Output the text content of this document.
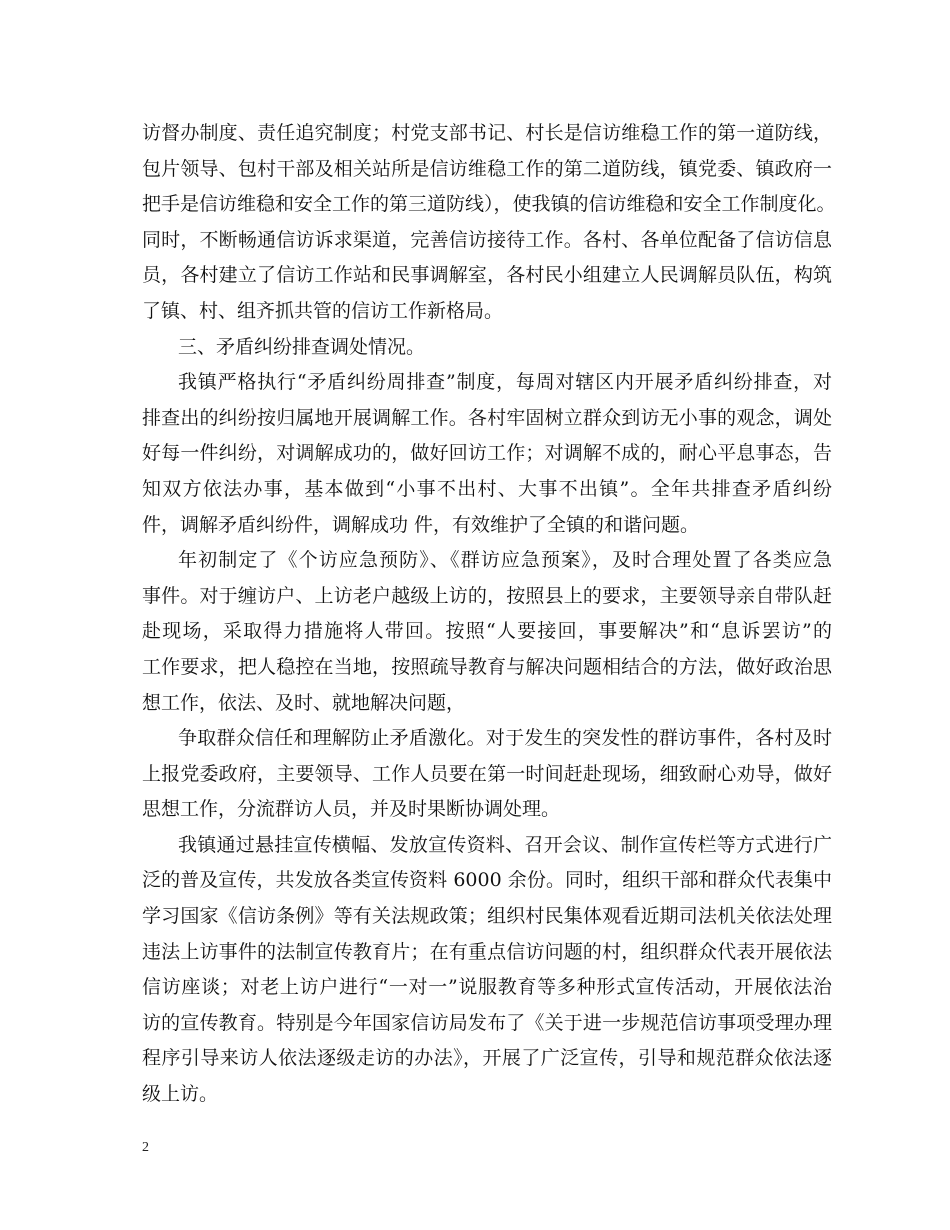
访督办制度、责任追究制度；村党支部书记、村长是信访维稳工作的第一道防线，
包片领导、包村干部及相关站所是信访维稳工作的第二道防线，镇党委、镇政府一
把手是信访维稳和安全工作的第三道防线），使我镇的信访维稳和安全工作制度化。
同时，不断畅通信访诉求渠道，完善信访接待工作。各村、各单位配备了信访信息
员，各村建立了信访工作站和民事调解室，各村民小组建立人民调解员队伍，构筑
了镇、村、组齐抓共管的信访工作新格局。
三、矛盾纠纷排查调处情况。
我镇严格执行“矛盾纠纷周排查”制度，每周对辖区内开展矛盾纠纷排查，对
排查出的纠纷按归属地开展调解工作。各村牢固树立群众到访无小事的观念，调处
好每一件纠纷，对调解成功的，做好回访工作；对调解不成的，耐心平息事态，告
知双方依法办事，基本做到“小事不出村、大事不出镇”。全年共排查矛盾纠纷
件，调解矛盾纠纷件，调解成功 件，有效维护了全镇的和谐问题。
年初制定了《个访应急预防》、《群访应急预案》，及时合理处置了各类应急
事件。对于缠访户、上访老户越级上访的，按照县上的要求，主要领导亲自带队赶
赴现场，采取得力措施将人带回。按照“人要接回，事要解决”和“息诉罢访”的
工作要求，把人稳控在当地，按照疏导教育与解决问题相结合的方法，做好政治思
想工作，依法、及时、就地解决问题，
争取群众信任和理解防止矛盾激化。对于发生的突发性的群访事件，各村及时
上报党委政府，主要领导、工作人员要在第一时间赶赴现场，细致耐心劝导，做好
思想工作，分流群访人员，并及时果断协调处理。
我镇通过悬挂宣传横幅、发放宣传资料、召开会议、制作宣传栏等方式进行广
泛的普及宣传，共发放各类宣传资料 6000 余份。同时，组织干部和群众代表集中
学习国家《信访条例》等有关法规政策；组织村民集体观看近期司法机关依法处理
违法上访事件的法制宣传教育片；在有重点信访问题的村，组织群众代表开展依法
信访座谈；对老上访户进行“一对一”说服教育等多种形式宣传活动，开展依法治
访的宣传教育。特别是今年国家信访局发布了《关于进一步规范信访事项受理办理
程序引导来访人依法逐级走访的办法》，开展了广泛宣传，引导和规范群众依法逐
级上访。
2
